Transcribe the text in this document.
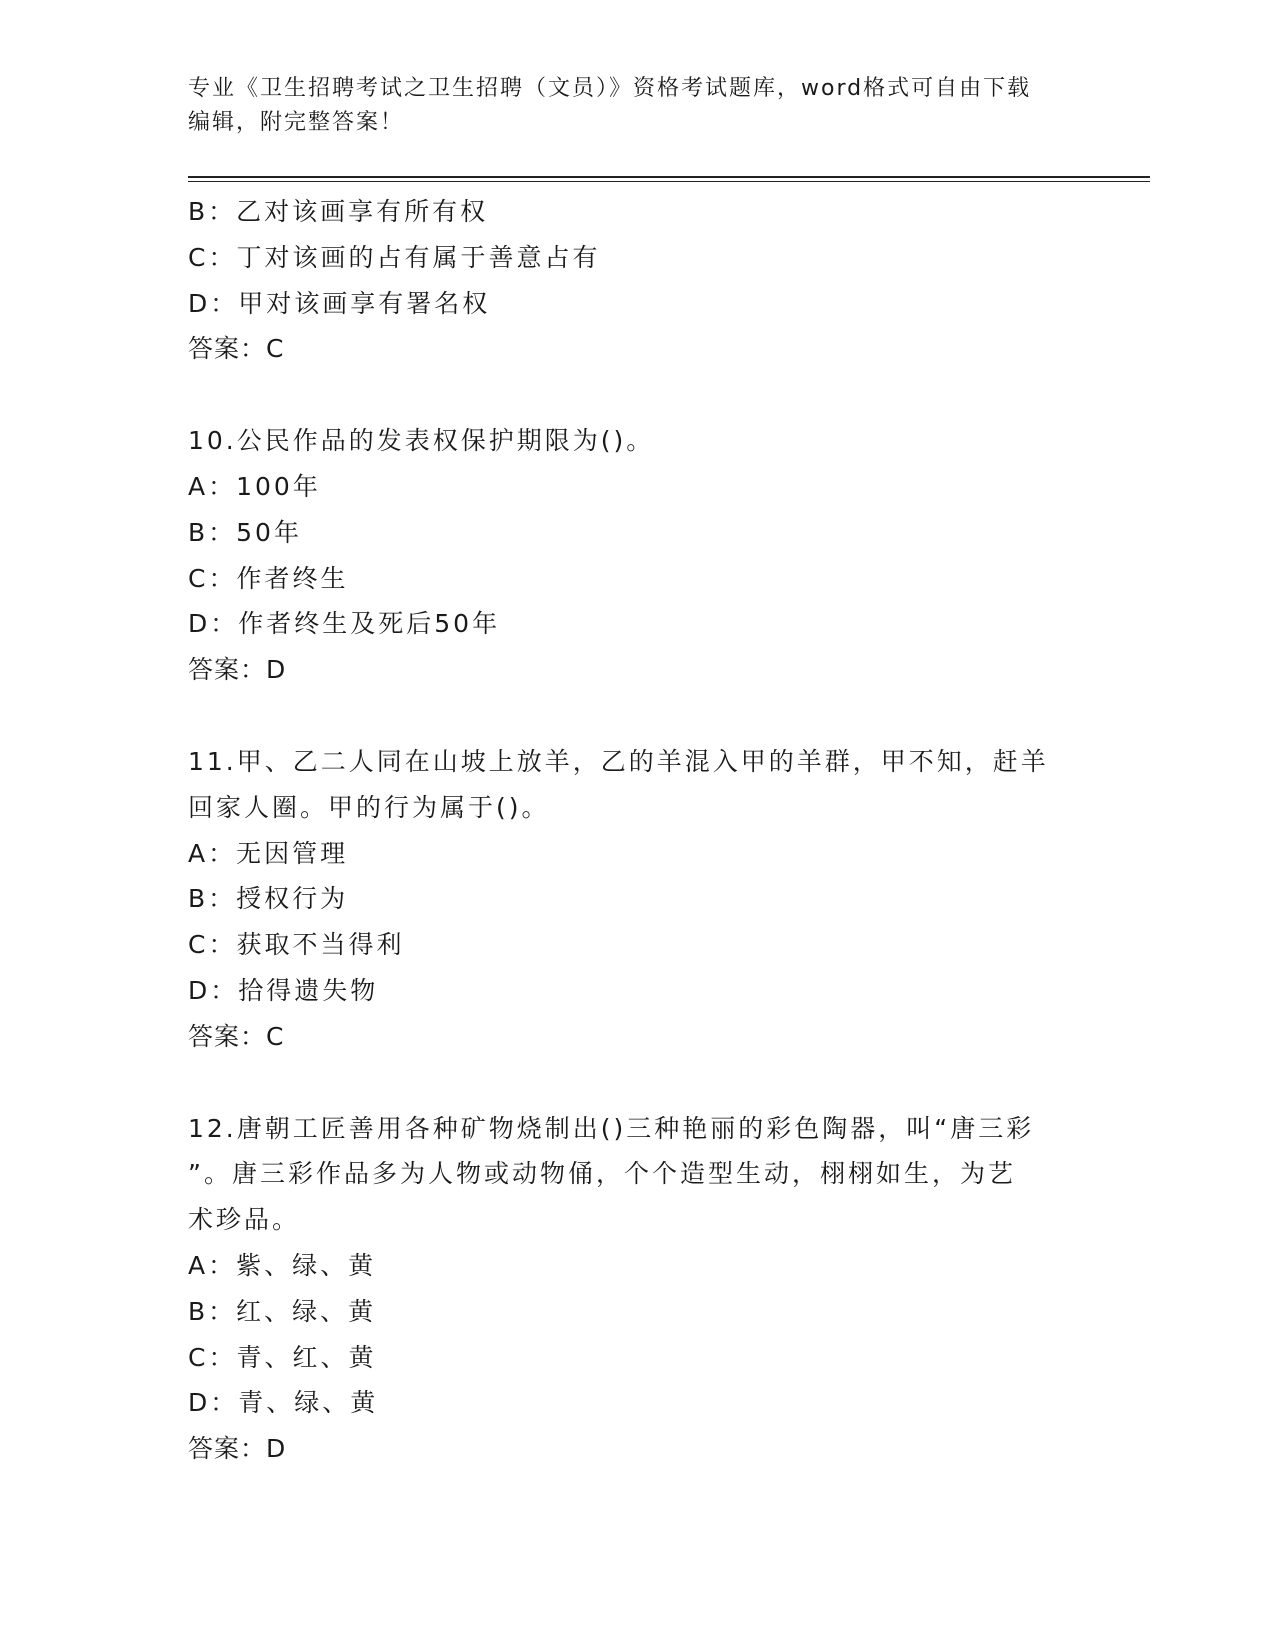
专业《卫生招聘考试之卫生招聘（文员）》资格考试题库，word格式可自由下载
编辑，附完整答案！
B：乙对该画享有所有权
C：丁对该画的占有属于善意占有
D：甲对该画享有署名权
答案：C
10.公民作品的发表权保护期限为()。
A：100年
B：50年
C：作者终生
D：作者终生及死后50年
答案：D
11.甲、乙二人同在山坡上放羊，乙的羊混入甲的羊群，甲不知，赶羊
回家人圈。甲的行为属于()。
A：无因管理
B：授权行为
C：获取不当得利
D：拾得遗失物
答案：C
12.唐朝工匠善用各种矿物烧制出()三种艳丽的彩色陶器，叫“唐三彩
”。唐三彩作品多为人物或动物俑，个个造型生动，栩栩如生，为艺
术珍品。
A：紫、绿、黄
B：红、绿、黄
C：青、红、黄
D：青、绿、黄
答案：D
